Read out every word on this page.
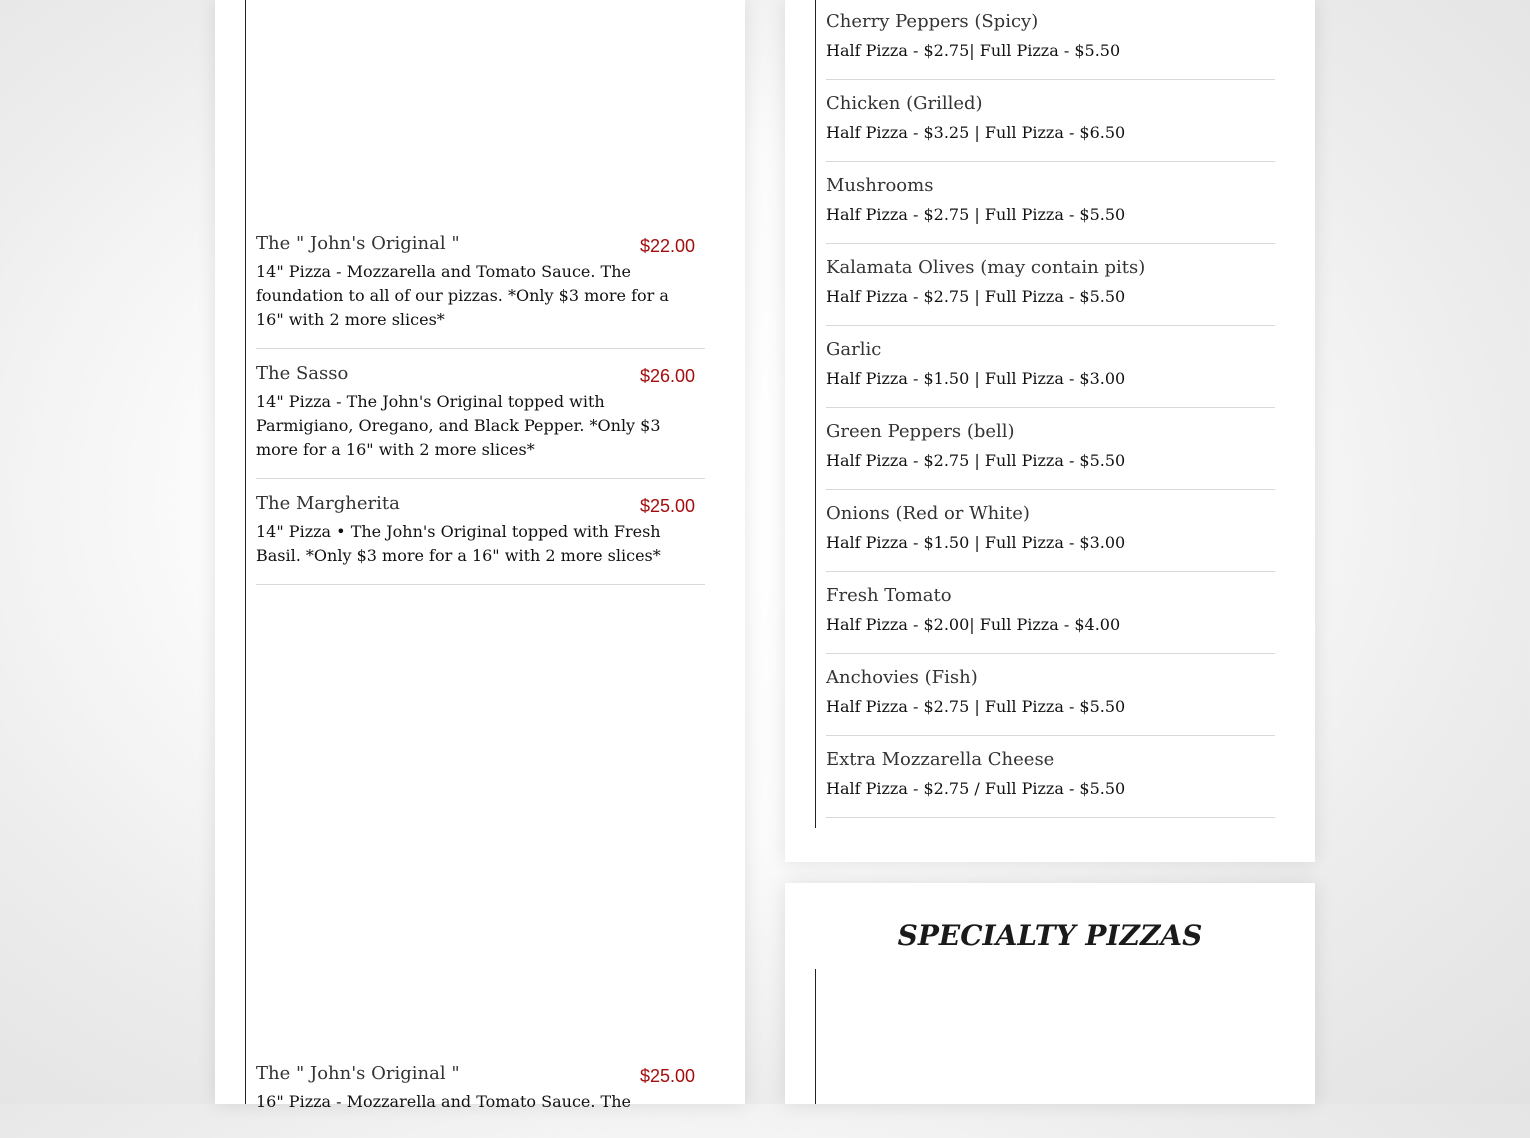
The " John's Original "	$22.00
14" Pizza - Mozzarella and Tomato Sauce. The foundation to all of our pizzas. *Only $3 more for a 16" with 2 more slices*
The Sasso	$26.00
14" Pizza - The John's Original topped with Parmigiano, Oregano, and Black Pepper. *Only $3 more for a 16" with 2 more slices*
The Margherita	$25.00
14" Pizza • The John's Original topped with Fresh Basil. *Only $3 more for a 16" with 2 more slices*
The " John's Original "	$25.00
16" Pizza - Mozzarella and Tomato Sauce. The
Cherry Peppers (Spicy)
Half Pizza - $2.75| Full Pizza - $5.50
Chicken (Grilled)
Half Pizza - $3.25 | Full Pizza - $6.50
Mushrooms
Half Pizza - $2.75 | Full Pizza - $5.50
Kalamata Olives (may contain pits)
Half Pizza - $2.75 | Full Pizza - $5.50
Garlic
Half Pizza - $1.50 | Full Pizza - $3.00
Green Peppers (bell)
Half Pizza - $2.75 | Full Pizza - $5.50
Onions (Red or White)
Half Pizza - $1.50 | Full Pizza - $3.00
Fresh Tomato
Half Pizza - $2.00| Full Pizza - $4.00
Anchovies (Fish)
Half Pizza - $2.75 | Full Pizza - $5.50
Extra Mozzarella Cheese
Half Pizza - $2.75 / Full Pizza - $5.50
SPECIALTY PIZZAS
